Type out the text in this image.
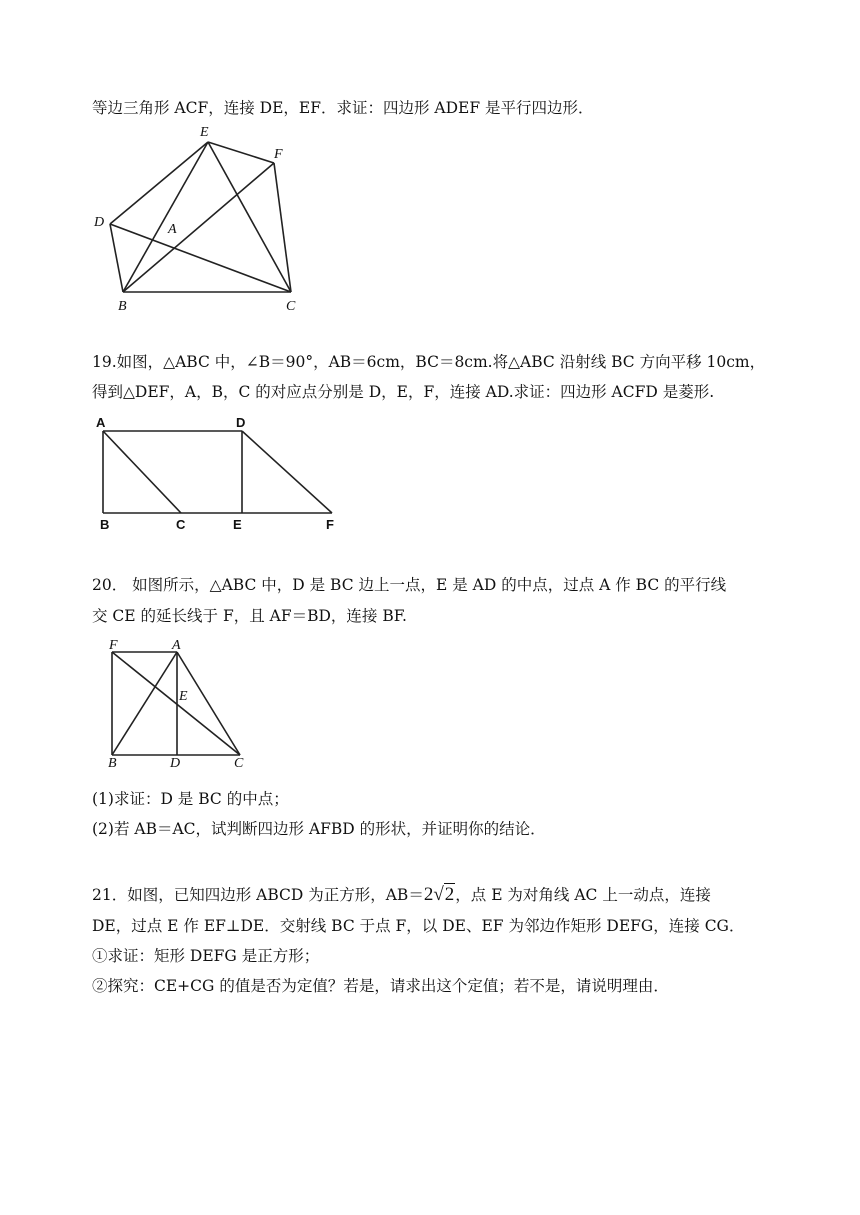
等边三角形 ACF，连接 DE，EF．求证：四边形 ADEF 是平行四边形．
E
F
D	A
B	C
19.如图，△ABC 中，∠B＝90°，AB＝6cm，BC＝8cm.将△ABC 沿射线 BC 方向平移 10cm，
得到△DEF，A，B，C 的对应点分别是 D，E，F，连接 AD.求证：四边形 ACFD 是菱形.
A	D
B	C	E	F
20． 如图所示，△ABC 中，D 是 BC 边上一点，E 是 AD 的中点，过点 A 作 BC 的平行线
交 CE 的延长线于 F，且 AF＝BD，连接 BF.
F	A
E
B	D	C
(1)求证：D 是 BC 的中点；
(2)若 AB＝AC，试判断四边形 AFBD 的形状，并证明你的结论．
21．如图，已知四边形 ABCD 为正方形，AB＝2√2，点 E 为对角线 AC 上一动点，连接
DE，过点 E 作 EF⊥DE．交射线 BC 于点 F，以 DE、EF 为邻边作矩形 DEFG，连接 CG．
①求证：矩形 DEFG 是正方形；
②探究：CE+CG 的值是否为定值？若是，请求出这个定值；若不是，请说明理由．
